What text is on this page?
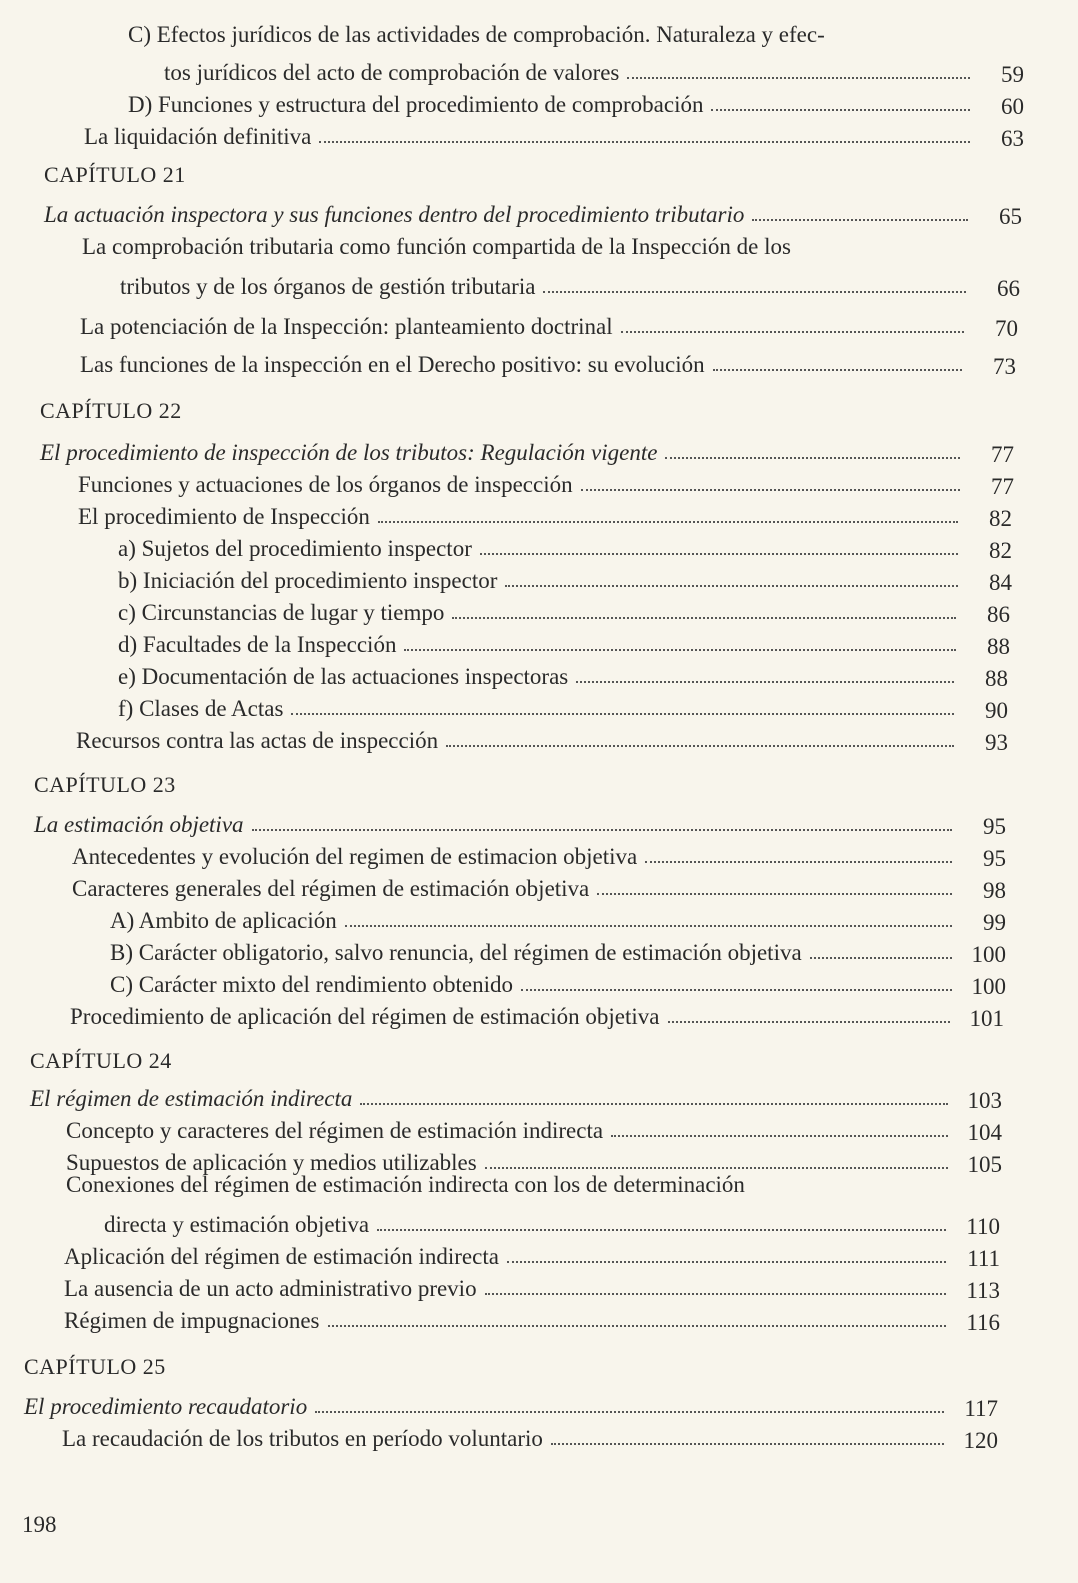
C) Efectos jurídicos de las actividades de comprobación. Naturaleza y efec-
tos jurídicos del acto de comprobación de valores	59
D) Funciones y estructura del procedimiento de comprobación	60
La liquidación definitiva	63
CAPÍTULO 21
La actuación inspectora y sus funciones dentro del procedimiento tributario	65
La comprobación tributaria como función compartida de la Inspección de los
tributos y de los órganos de gestión tributaria	66
La potenciación de la Inspección: planteamiento doctrinal	70
Las funciones de la inspección en el Derecho positivo: su evolución	73
CAPÍTULO 22
El procedimiento de inspección de los tributos: Regulación vigente	77
Funciones y actuaciones de los órganos de inspección	77
El procedimiento de Inspección	82
a) Sujetos del procedimiento inspector	82
b) Iniciación del procedimiento inspector	84
c) Circunstancias de lugar y tiempo	86
d) Facultades de la Inspección	88
e) Documentación de las actuaciones inspectoras	88
f) Clases de Actas	90
Recursos contra las actas de inspección	93
CAPÍTULO 23
La estimación objetiva	95
Antecedentes y evolución del regimen de estimacion objetiva	95
Caracteres generales del régimen de estimación objetiva	98
A) Ambito de aplicación	99
B) Carácter obligatorio, salvo renuncia, del régimen de estimación objetiva	100
C) Carácter mixto del rendimiento obtenido	100
Procedimiento de aplicación del régimen de estimación objetiva	101
CAPÍTULO 24
El régimen de estimación indirecta	103
Concepto y caracteres del régimen de estimación indirecta	104
Supuestos de aplicación y medios utilizables	105
Conexiones del régimen de estimación indirecta con los de determinación
directa y estimación objetiva	110
Aplicación del régimen de estimación indirecta	111
La ausencia de un acto administrativo previo	113
Régimen de impugnaciones	116
CAPÍTULO 25
El procedimiento recaudatorio	117
La recaudación de los tributos en período voluntario	120
198
